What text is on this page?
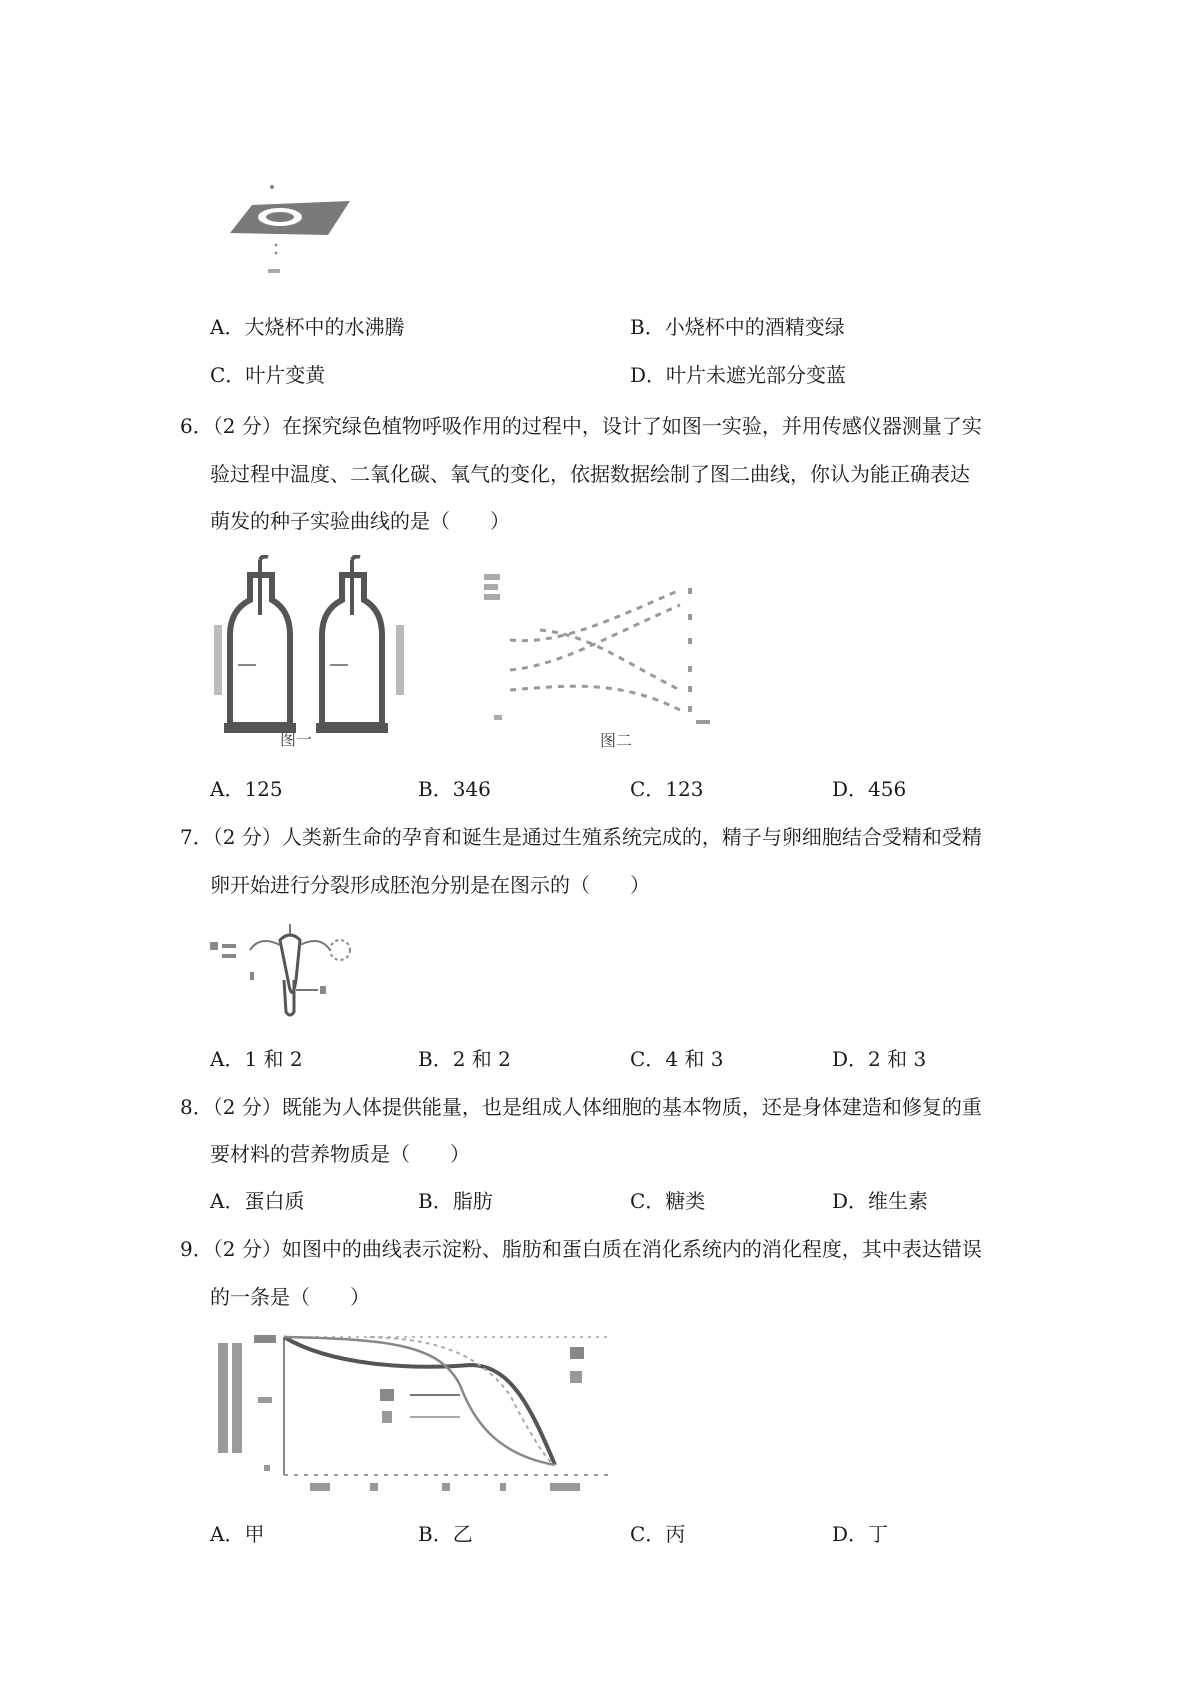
A．大烧杯中的水沸腾	B．小烧杯中的酒精变绿
C．叶片变黄	D．叶片未遮光部分变蓝
6．（2 分）在探究绿色植物呼吸作用的过程中，设计了如图一实验，并用传感仪器测量了实
验过程中温度、二氧化碳、氧气的变化，依据数据绘制了图二曲线，你认为能正确表达
萌发的种子实验曲线的是（　　）
图一	图二
A．125	B．346	C．123	D．456
7．（2 分）人类新生命的孕育和诞生是通过生殖系统完成的，精子与卵细胞结合受精和受精
卵开始进行分裂形成胚泡分别是在图示的（　　）
A．1 和 2	B．2 和 2	C．4 和 3	D．2 和 3
8．（2 分）既能为人体提供能量，也是组成人体细胞的基本物质，还是身体建造和修复的重
要材料的营养物质是（　　）
A．蛋白质	B．脂肪	C．糖类	D．维生素
9．（2 分）如图中的曲线表示淀粉、脂肪和蛋白质在消化系统内的消化程度，其中表达错误
的一条是（　　）
A．甲	B．乙	C．丙	D．丁
